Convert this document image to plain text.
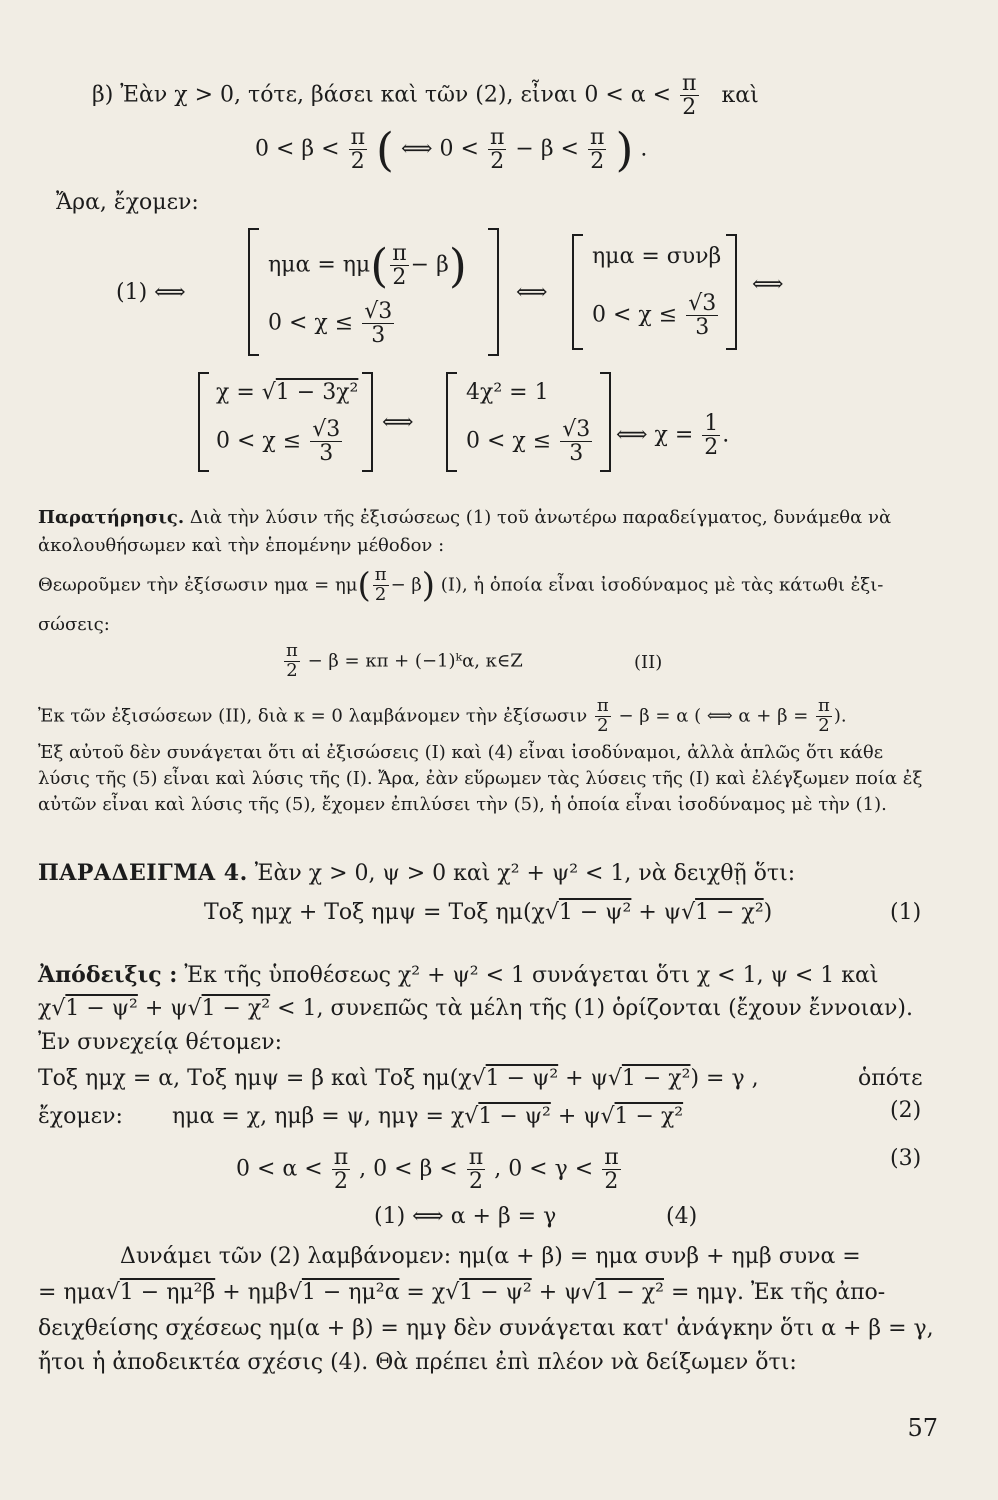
β) Ἐὰν χ > 0, τότε, βάσει καὶ τῶν (2), εἶναι $0 < \alpha < \frac{\pi}{2}$ καὶ
$0 < \beta < \frac{\pi}{2}$ ( ⟺ $0 < \frac{\pi}{2} - \beta < \frac{\pi}{2}$ ) .
Ἄρα, ἔχομεν:
(1) ⟺
$\eta\mu\alpha = \eta\mu( \frac{\pi}{2} - \beta)$
$0 < \chi \le \frac{√3}{3}$
⟺
ημα = συνβ
$0 < \chi \le \frac{√3}{3}$
⟺
χ = √1 − 3χ²
$0 < \chi \le \frac{√3}{3}$ ⟺
4χ² = 1
$0 < \chi \le \frac{√3}{3}$ ⟺ $\chi = \frac{1}{2}$ .
Παρατήρησις. Διὰ τὴν λύσιν τῆς ἐξισώσεως (1) τοῦ ἀνωτέρω παραδείγματος, δυνάμεθα νὰ
ἀκολουθήσωμεν καὶ τὴν ἑπομένην μέθοδον :
Θεωροῦμεν τὴν ἐξίσωσιν $\eta\mu\alpha = \eta\mu( \frac{\pi}{2} - \beta)$ (I), ἡ ὁποία εἶναι ἰσοδύναμος μὲ τὰς κάτωθι ἐξι-
σώσεις:
$\frac{\pi}{2} - \beta = \kappa\pi$ + (−1)ᵏα, κ∈Z	(II)
Ἐκ τῶν ἐξισώσεων (II), διὰ κ = 0 λαμβάνομεν τὴν ἐξίσωσιν $\frac{\pi}{2} - \beta = \alpha$ ( ⟺ $\alpha + \beta = \frac{\pi}{2}$ ).
Ἐξ αὐτοῦ δὲν συνάγεται ὅτι αἱ ἐξισώσεις (I) καὶ (4) εἶναι ἰσοδύναμοι, ἀλλὰ ἁπλῶς ὅτι κάθε
λύσις τῆς (5) εἶναι καὶ λύσις τῆς (I). Ἄρα, ἐὰν εὕρωμεν τὰς λύσεις τῆς (I) καὶ ἐλέγξωμεν ποία ἐξ
αὐτῶν εἶναι καὶ λύσις τῆς (5), ἔχομεν ἐπιλύσει τὴν (5), ἡ ὁποία εἶναι ἰσοδύναμος μὲ τὴν (1).
ΠΑΡΑΔΕΙΓΜΑ 4. Ἐὰν χ > 0, ψ > 0 καὶ χ² + ψ² < 1, νὰ δειχθῇ ὅτι:
Τοξ ημχ + Τοξ ημψ = Τοξ ημ(χ√1 − ψ² + ψ√1 − χ²)	(1)
Ἀπόδειξις : Ἐκ τῆς ὑποθέσεως χ² + ψ² < 1 συνάγεται ὅτι χ < 1, ψ < 1 καὶ
χ√1 − ψ² + ψ√1 − χ² < 1, συνεπῶς τὰ μέλη τῆς (1) ὁρίζονται (ἔχουν ἔννοιαν).
Ἐν συνεχείᾳ θέτομεν:
Τοξ ημχ = α, Τοξ ημψ = β καὶ Τοξ ημ(χ√1 − ψ² + ψ√1 − χ²) = γ ,	ὁπότε
ἔχομεν: ημα = χ, ημβ = ψ, ημγ = χ√1 − ψ² + ψ√1 − χ²	(2)
$0 < \alpha < \frac{\pi}{2}$ , $0 < \beta < \frac{\pi}{2}$ , $0 < \gamma < \frac{\pi}{2}$	(3)
(1) ⟺ α + β = γ	(4)
Δυνάμει τῶν (2) λαμβάνομεν: ημ(α + β) = ημα συνβ + ημβ συνα =
= ημα√1 − ημ²β + ημβ√1 − ημ²α = χ√1 − ψ² + ψ√1 − χ² = ημγ. Ἐκ τῆς ἀπο-
δειχθείσης σχέσεως ημ(α + β) = ημγ δὲν συνάγεται κατ' ἀνάγκην ὅτι α + β = γ,
ἤτοι ἡ ἀποδεικτέα σχέσις (4). Θὰ πρέπει ἐπὶ πλέον νὰ δείξωμεν ὅτι:
57
